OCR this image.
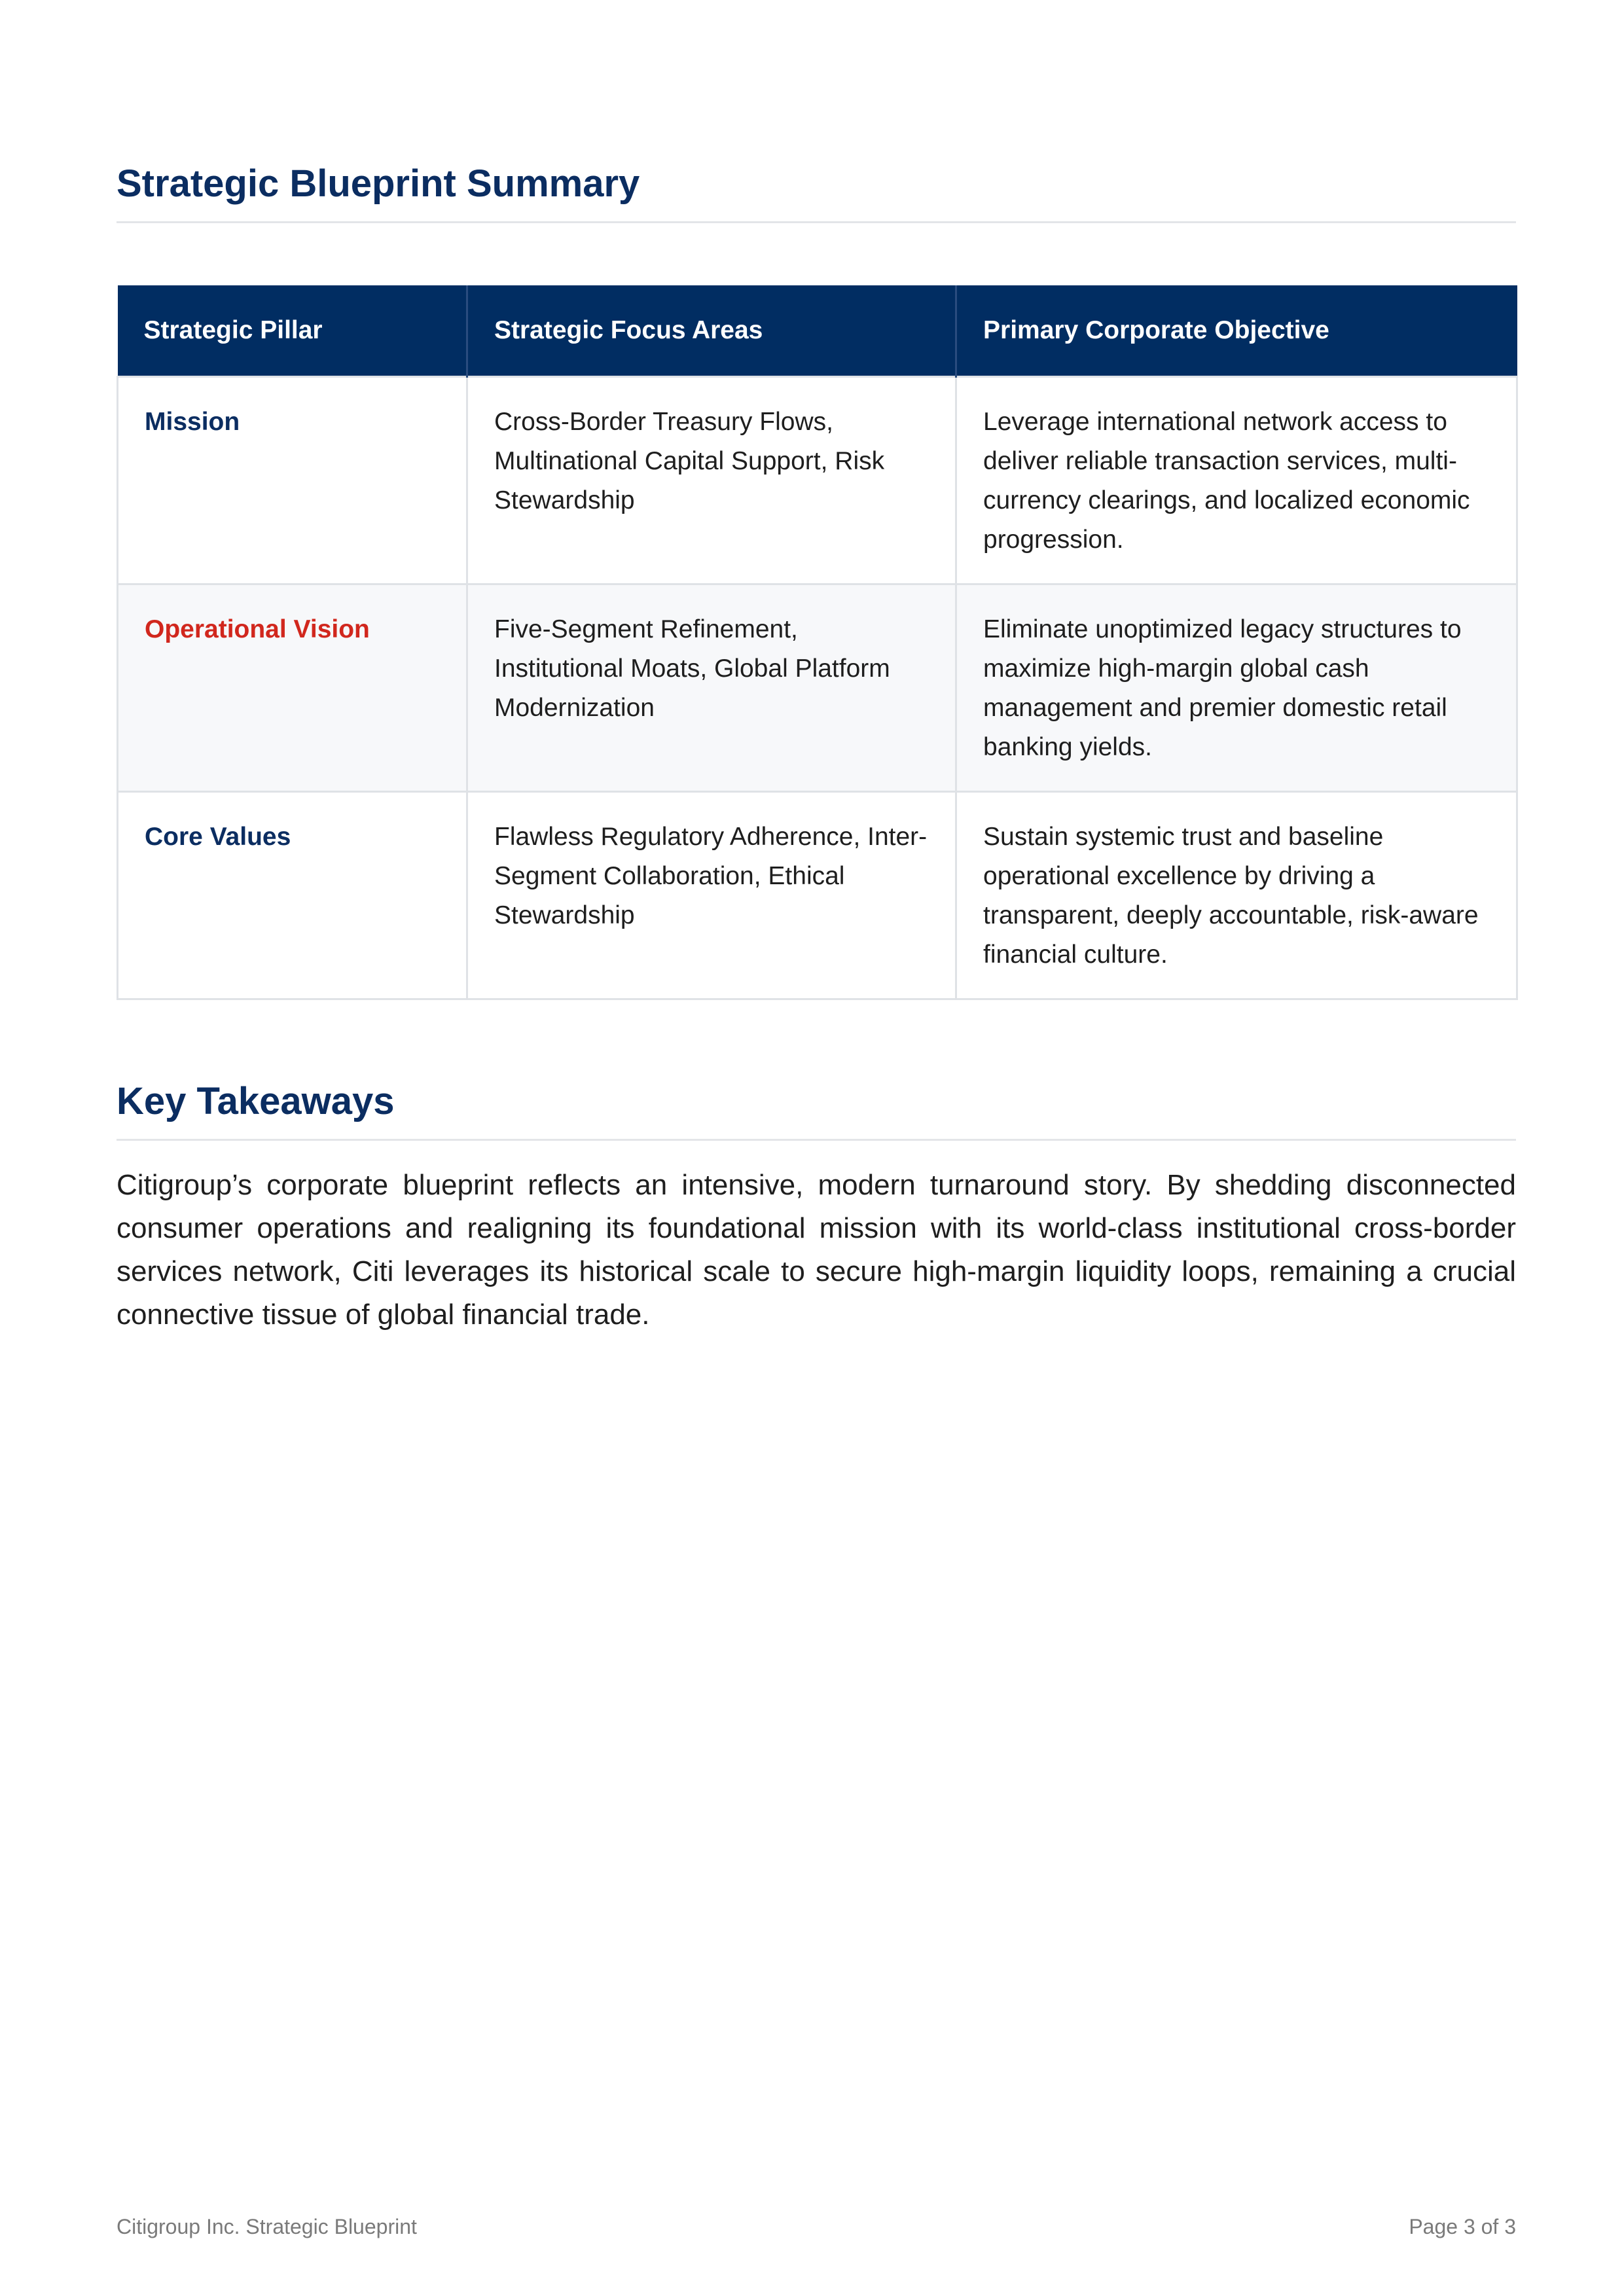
Strategic Blueprint Summary
Strategic Pillar	Strategic Focus Areas	Primary Corporate Objective
Mission	Cross-Border Treasury Flows, Multinational Capital Support, Risk Stewardship	Leverage international network access to deliver reliable transaction services, multi-currency clearings, and localized economic progression.
Operational Vision	Five-Segment Refinement, Institutional Moats, Global Platform Modernization	Eliminate unoptimized legacy structures to maximize high-margin global cash management and premier domestic retail banking yields.
Core Values	Flawless Regulatory Adherence, Inter-Segment Collaboration, Ethical Stewardship	Sustain systemic trust and baseline operational excellence by driving a transparent, deeply accountable, risk-aware financial culture.
Key Takeaways

Citigroup’s corporate blueprint reflects an intensive, modern turnaround story. By shedding disconnected consumer operations and realigning its foundational mission with its world-class institutional cross-border services network, Citi leverages its historical scale to secure high-margin liquidity loops, remaining a crucial connective tissue of global financial trade.

Citigroup Inc. Strategic Blueprint	Page 3 of 3
